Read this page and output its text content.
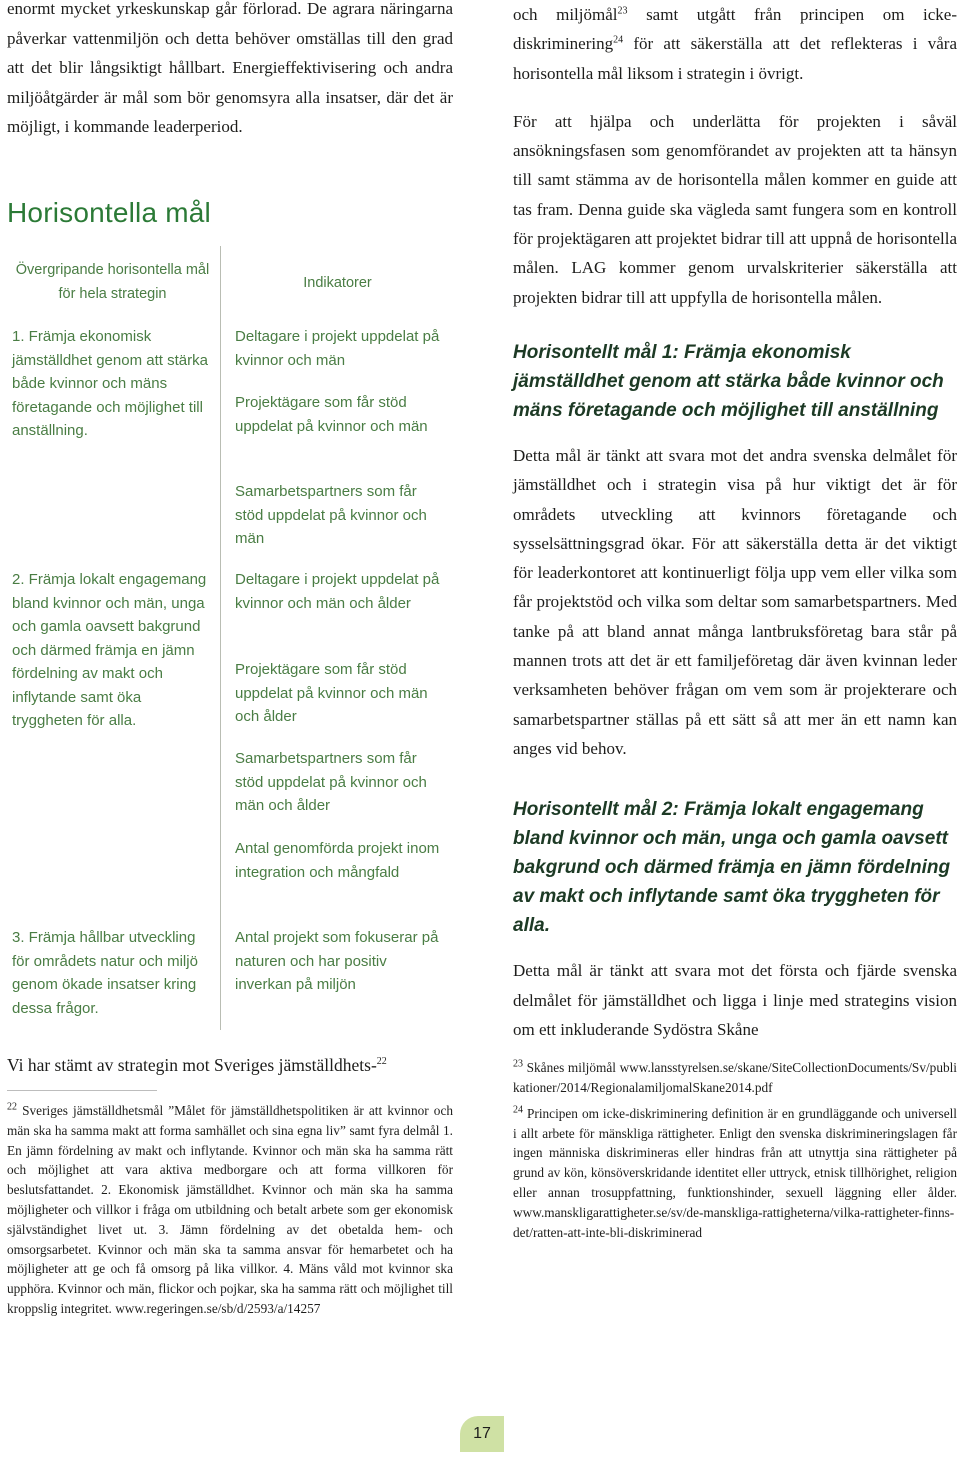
enormt mycket yrkeskunskap går förlorad. De agrara näringarna påverkar vattenmiljön och detta behöver omställas till den grad att det blir långsiktigt hållbart. Energieffektivisering och andra miljöåtgärder är mål som bör genomsyra alla insatser, där det är möjligt, i kommande leaderperiod.

Horisontella mål
Övergripande horisontella mål för hela strategin
Indikatorer
1. Främja ekonomisk jämställdhet genom att stärka både kvinnor och mäns företagande och möjlighet till anställning.
Deltagare i projekt uppdelat på kvinnor och män
Projektägare som får stöd uppdelat på kvinnor och män
Samarbetspartners som får stöd uppdelat på kvinnor och män
2. Främja lokalt engagemang bland kvinnor och män, unga och gamla oavsett bakgrund och därmed främja en jämn fördelning av makt och inflytande samt öka tryggheten för alla.
Deltagare i projekt uppdelat på kvinnor och män och ålder
Projektägare som får stöd uppdelat på kvinnor och män och ålder
Samarbetspartners som får stöd uppdelat på kvinnor och män och ålder
Antal genomförda projekt inom integration och mångfald
3. Främja hållbar utveckling för områdets natur och miljö genom ökade insatser kring dessa frågor.
Antal projekt som fokuserar på naturen och har positiv inverkan på miljön

Vi har stämt av strategin mot Sveriges jämställdhets-$^{22}$

$^{22}$ Sveriges jämställdhetsmål ”Målet för jämställdhetspolitiken är att kvinnor och män ska ha samma makt att forma samhället och sina egna liv” samt fyra delmål 1. En jämn fördelning av makt och inflytande. Kvinnor och män ska ha samma rätt och möjlighet att vara aktiva medborgare och att forma villkoren för beslutsfattandet. 2. Ekonomisk jämställdhet. Kvinnor och män ska ha samma möjligheter och villkor i fråga om utbildning och betalt arbete som ger ekonomisk självständighet livet ut. 3. Jämn fördelning av det obetalda hem- och omsorgsarbetet. Kvinnor och män ska ta samma ansvar för hemarbetet och ha möjligheter att ge och få omsorg på lika villkor. 4. Mäns våld mot kvinnor ska upphöra. Kvinnor och män, flickor och pojkar, ska ha samma rätt och möjlighet till kroppslig integritet. www.regeringen.se/sb/d/2593/a/14257

och miljömål$^{23}$ samt utgått från principen om icke-diskriminering$^{24}$ för att säkerställa att det reflekteras i våra horisontella mål liksom i strategin i övrigt.

För att hjälpa och underlätta för projekten i såväl ansökningsfasen som genomförandet av projekten att ta hänsyn till samt stämma av de horisontella målen kommer en guide att tas fram. Denna guide ska vägleda samt fungera som en kontroll för projektägaren att projektet bidrar till att uppnå de horisontella målen. LAG kommer genom urvalskriterier säkerställa att projekten bidrar till att uppfylla de horisontella målen.

Horisontellt mål 1: Främja ekonomisk jämställdhet genom att stärka både kvinnor och mäns företagande och möjlighet till anställning

Detta mål är tänkt att svara mot det andra svenska delmålet för jämställdhet och i strategin visa på hur viktigt det är för områdets utveckling att kvinnors företagande och sysselsättningsgrad ökar. För att säkerställa detta är det viktigt för leaderkontoret att kontinuerligt följa upp vem eller vilka som får projektstöd och vilka som deltar som samarbetspartners. Med tanke på att bland annat många lantbruksföretag bara står på mannen trots att det är ett familjeföretag där även kvinnan leder verksamheten behöver frågan om vem som är projekterare och samarbetspartner ställas på ett sätt så att mer än ett namn kan anges vid behov.

Horisontellt mål 2: Främja lokalt engagemang bland kvinnor och män, unga och gamla oavsett bakgrund och därmed främja en jämn fördelning av makt och inflytande samt öka tryggheten för alla.

Detta mål är tänkt att svara mot det första och fjärde svenska delmålet för jämställdhet och ligga i linje med strategins vision om ett inkluderande Sydöstra Skåne

$^{23}$ Skånes miljömål www.lansstyrelsen.se/skane/SiteCollectionDocuments/Sv/publikationer/2014/RegionalamiljomalSkane2014.pdf

$^{24}$ Principen om icke-diskriminering definition är en grundläggande och universell i allt arbete för mänskliga rättigheter. Enligt den svenska diskrimineringslagen får ingen människa diskrimineras eller hindras från att utnyttja sina rättigheter på grund av kön, könsöverskridande identitet eller uttryck, etnisk tillhörighet, religion eller annan trosuppfattning, funktionshinder, sexuell läggning eller ålder. www.manskligarattigheter.se/sv/de-manskliga-rattigheterna/vilka-rattigheter-finns-det/ratten-att-inte-bli-diskriminerad

17
